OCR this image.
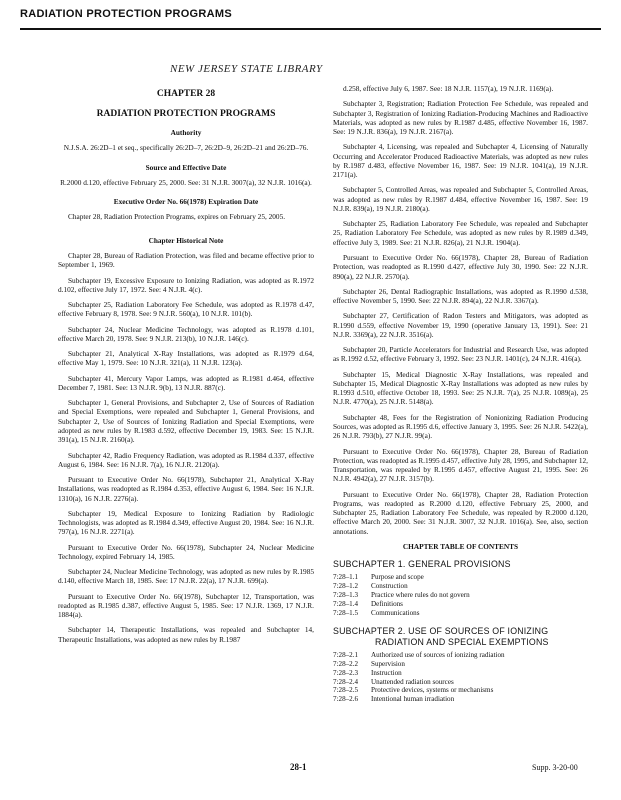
RADIATION PROTECTION PROGRAMS
NEW JERSEY STATE LIBRARY
CHAPTER 28
RADIATION PROTECTION PROGRAMS
Authority
N.J.S.A. 26:2D–1 et seq., specifically 26:2D–7, 26:2D–9, 26:2D–21 and 26:2D–76.
Source and Effective Date
R.2000 d.120, effective February 25, 2000. See: 31 N.J.R. 3007(a), 32 N.J.R. 1016(a).
Executive Order No. 66(1978) Expiration Date

Chapter 28, Radiation Protection Programs, expires on February 25, 2005.

Chapter Historical Note

Chapter 28, Bureau of Radiation Protection, was filed and became effective prior to September 1, 1969.

Subchapter 19, Excessive Exposure to Ionizing Radiation, was adopted as R.1972 d.102, effective July 17, 1972. See: 4 N.J.R. 4(c).

Subchapter 25, Radiation Laboratory Fee Schedule, was adopted as R.1978 d.47, effective February 8, 1978. See: 9 N.J.R. 560(a), 10 N.J.R. 101(b).

Subchapter 24, Nuclear Medicine Technology, was adopted as R.1978 d.101, effective March 20, 1978. See: 9 N.J.R. 213(b), 10 N.J.R. 146(c).

Subchapter 21, Analytical X-Ray Installations, was adopted as R.1979 d.64, effective May 1, 1979. See: 10 N.J.R. 321(a), 11 N.J.R. 123(a).

Subchapter 41, Mercury Vapor Lamps, was adopted as R.1981 d.464, effective December 7, 1981. See: 13 N.J.R. 9(b), 13 N.J.R. 887(c).

Subchapter 1, General Provisions, and Subchapter 2, Use of Sources of Radiation and Special Exemptions, were repealed and Subchapter 1, General Provisions, and Subchapter 2, Use of Sources of Ionizing Radiation and Special Exemptions, were adopted as new rules by R.1983 d.592, effective December 19, 1983. See: 15 N.J.R. 391(a), 15 N.J.R. 2160(a).

Subchapter 42, Radio Frequency Radiation, was adopted as R.1984 d.337, effective August 6, 1984. See: 16 N.J.R. 7(a), 16 N.J.R. 2120(a).

Pursuant to Executive Order No. 66(1978), Subchapter 21, Analytical X-Ray Installations, was readopted as R.1984 d.353, effective August 6, 1984. See: 16 N.J.R. 1310(a), 16 N.J.R. 2276(a).

Subchapter 19, Medical Exposure to Ionizing Radiation by Radiologic Technologists, was adopted as R.1984 d.349, effective August 20, 1984. See: 16 N.J.R. 797(a), 16 N.J.R. 2271(a).

Pursuant to Executive Order No. 66(1978), Subchapter 24, Nuclear Medicine Technology, expired February 14, 1985.

Subchapter 24, Nuclear Medicine Technology, was adopted as new rules by R.1985 d.140, effective March 18, 1985. See: 17 N.J.R. 22(a), 17 N.J.R. 699(a).

Pursuant to Executive Order No. 66(1978), Subchapter 12, Transportation, was readopted as R.1985 d.387, effective August 5, 1985. See: 17 N.J.R. 1369, 17 N.J.R. 1884(a).

Subchapter 14, Therapeutic Installations, was repealed and Subchapter 14, Therapeutic Installations, was adopted as new rules by R.1987

d.258, effective July 6, 1987. See: 18 N.J.R. 1157(a), 19 N.J.R. 1169(a).

Subchapter 3, Registration; Radiation Protection Fee Schedule, was repealed and Subchapter 3, Registration of Ionizing Radiation-Producing Machines and Radioactive Materials, was adopted as new rules by R.1987 d.485, effective November 16, 1987. See: 19 N.J.R. 836(a), 19 N.J.R. 2167(a).

Subchapter 4, Licensing, was repealed and Subchapter 4, Licensing of Naturally Occurring and Accelerator Produced Radioactive Materials, was adopted as new rules by R.1987 d.483, effective November 16, 1987. See: 19 N.J.R. 1041(a), 19 N.J.R. 2171(a).

Subchapter 5, Controlled Areas, was repealed and Subchapter 5, Controlled Areas, was adopted as new rules by R.1987 d.484, effective November 16, 1987. See: 19 N.J.R. 839(a), 19 N.J.R. 2180(a).

Subchapter 25, Radiation Laboratory Fee Schedule, was repealed and Subchapter 25, Radiation Laboratory Fee Schedule, was adopted as new rules by R.1989 d.349, effective July 3, 1989. See: 21 N.J.R. 826(a), 21 N.J.R. 1904(a).

Pursuant to Executive Order No. 66(1978), Chapter 28, Bureau of Radiation Protection, was readopted as R.1990 d.427, effective July 30, 1990. See: 22 N.J.R. 890(a), 22 N.J.R. 2570(a).

Subchapter 26, Dental Radiographic Installations, was adopted as R.1990 d.538, effective November 5, 1990. See: 22 N.J.R. 894(a), 22 N.J.R. 3367(a).

Subchapter 27, Certification of Radon Testers and Mitigators, was adopted as R.1990 d.559, effective November 19, 1990 (operative January 13, 1991). See: 21 N.J.R. 3369(a), 22 N.J.R. 3516(a).

Subchapter 20, Particle Accelerators for Industrial and Research Use, was adopted as R.1992 d.52, effective February 3, 1992. See: 23 N.J.R. 1401(c), 24 N.J.R. 416(a).

Subchapter 15, Medical Diagnostic X-Ray Installations, was repealed and Subchapter 15, Medical Diagnostic X-Ray Installations was adopted as new rules by R.1993 d.510, effective October 18, 1993. See: 25 N.J.R. 7(a), 25 N.J.R. 1089(a), 25 N.J.R. 4770(a), 25 N.J.R. 5148(a).

Subchapter 48, Fees for the Registration of Nonionizing Radiation Producing Sources, was adopted as R.1995 d.6, effective January 3, 1995. See: 26 N.J.R. 5422(a), 26 N.J.R. 793(b), 27 N.J.R. 99(a).

Pursuant to Executive Order No. 66(1978), Chapter 28, Bureau of Radiation Protection, was readopted as R.1995 d.457, effective July 28, 1995, and Subchapter 12, Transportation, was repealed by R.1995 d.457, effective August 21, 1995. See: 26 N.J.R. 4942(a), 27 N.J.R. 3157(b).

Pursuant to Executive Order No. 66(1978), Chapter 28, Radiation Protection Programs, was readopted as R.2000 d.120, effective February 25, 2000, and Subchapter 25, Radiation Laboratory Fee Schedule, was repealed by R.2000 d.120, effective March 20, 2000. See: 31 N.J.R. 3007, 32 N.J.R. 1016(a). See, also, section annotations.

CHAPTER TABLE OF CONTENTS
SUBCHAPTER 1. GENERAL PROVISIONS
7:28–1.1	Purpose and scope
7:28–1.2	Construction
7:28–1.3	Practice where rules do not govern
7:28–1.4	Definitions
7:28–1.5	Communications
SUBCHAPTER 2. USE OF SOURCES OF IONIZING
RADIATION AND SPECIAL EXEMPTIONS
7:28–2.1	Authorized use of sources of ionizing radiation
7:28–2.2	Supervision
7:28–2.3	Instruction
7:28–2.4	Unattended radiation sources
7:28–2.5	Protective devices, systems or mechanisms
7:28–2.6	Intentional human irradiation
28-1	Supp. 3-20-00
